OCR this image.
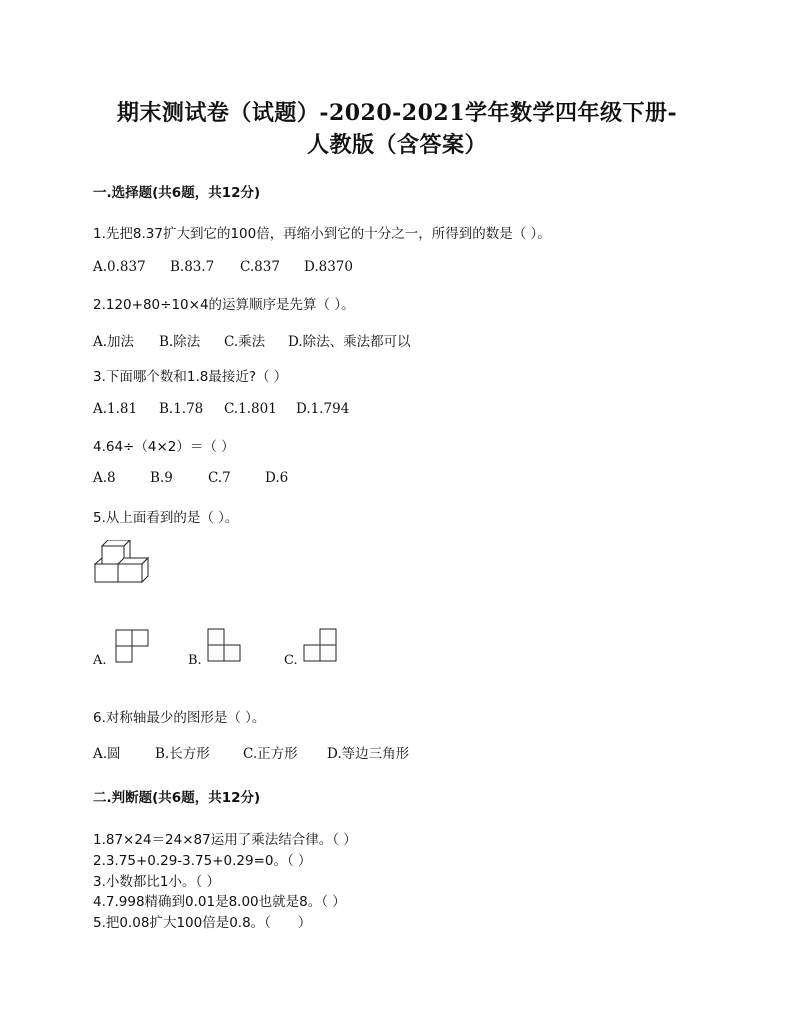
期末测试卷（试题）-2020-2021学年数学四年级下册-
人教版（含答案）
一.选择题(共6题，共12分)
1.先把8.37扩大到它的100倍，再缩小到它的十分之一，所得到的数是（ ）。
A.0.837 B.83.7 C.837 D.8370
2.120+80÷10×4的运算顺序是先算（ ）。
A.加法 B.除法 C.乘法 D.除法、乘法都可以
3.下面哪个数和1.8最接近?（ ）
A.1.81 B.1.78 C.1.801 D.1.794
4.64÷（4×2）＝（ ）
A.8	B.9	C.7	D.6
5.从上面看到的是（ ）。
A.	B.	C.
6.对称轴最少的图形是（ ）。
A.圆	B.长方形 C.正方形 D.等边三角形
二.判断题(共6题，共12分)
1.87×24＝24×87运用了乘法结合律。（ ）
2.3.75+0.29-3.75+0.29=0。（ ）
3.小数都比1小。（ ）
4.7.998精确到0.01是8.00也就是8。（ ）
5.把0.08扩大100倍是0.8。（　　）
